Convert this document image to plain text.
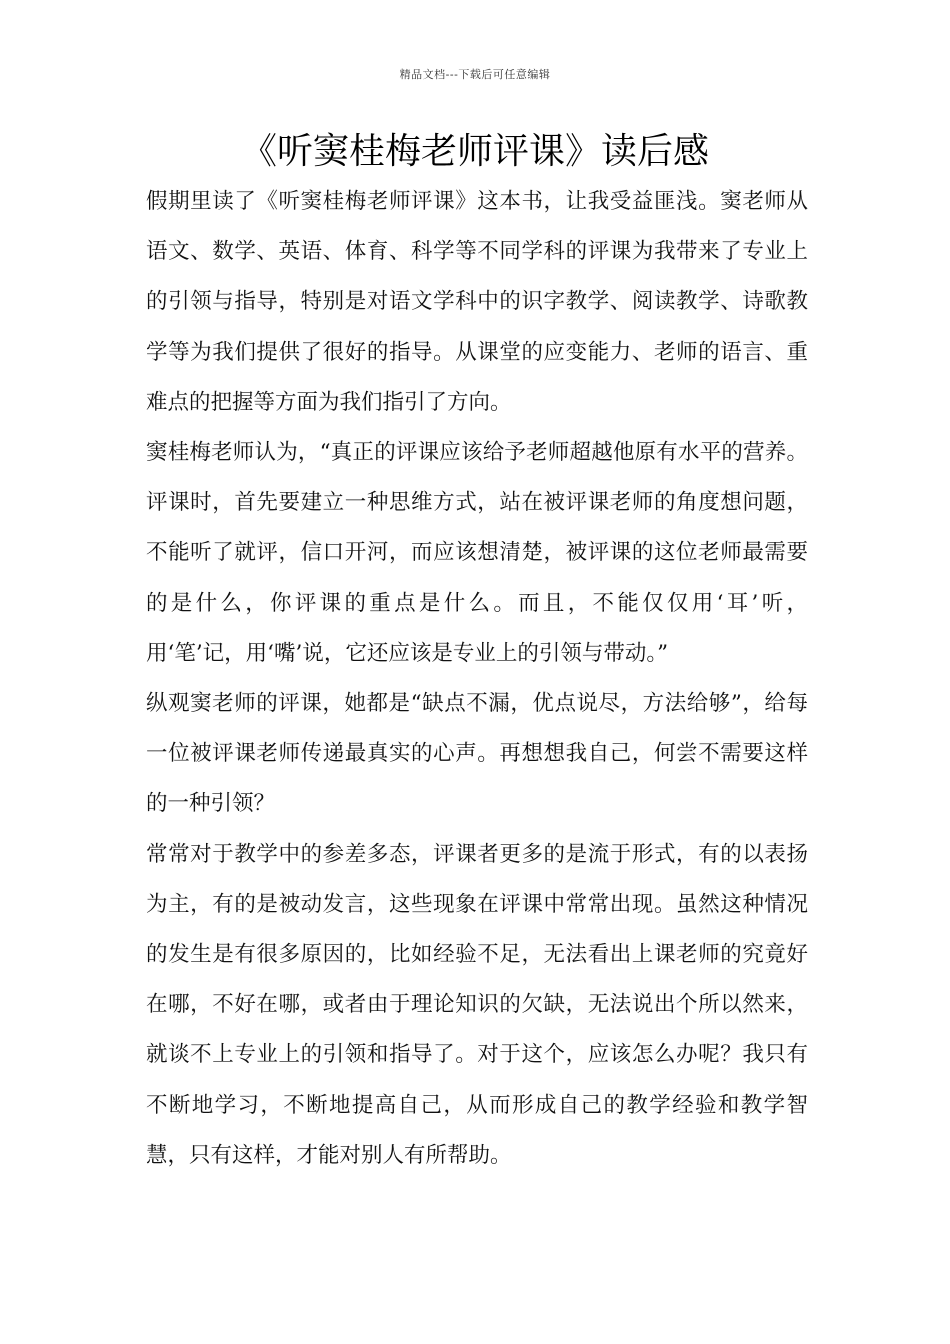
精品文档---下载后可任意编辑
《听窦桂梅老师评课》读后感

假期里读了《听窦桂梅老师评课》这本书，让我受益匪浅。窦老师从语文、数学、英语、体育、科学等不同学科的评课为我带来了专业上的引领与指导，特别是对语文学科中的识字教学、阅读教学、诗歌教学等为我们提供了很好的指导。从课堂的应变能力、老师的语言、重难点的把握等方面为我们指引了方向。

窦桂梅老师认为，“真正的评课应该给予老师超越他原有水平的营养。评课时，首先要建立一种思维方式，站在被评课老师的角度想问题，不能听了就评，信口开河，而应该想清楚，被评课的这位老师最需要的是什么，你评课的重点是什么。而且，不能仅仅用‘耳’听，用‘笔’记，用‘嘴’说，它还应该是专业上的引领与带动。”

纵观窦老师的评课，她都是“缺点不漏，优点说尽，方法给够”，给每一位被评课老师传递最真实的心声。再想想我自己，何尝不需要这样的一种引领？

常常对于教学中的参差多态，评课者更多的是流于形式，有的以表扬为主，有的是被动发言，这些现象在评课中常常出现。虽然这种情况的发生是有很多原因的，比如经验不足，无法看出上课老师的究竟好在哪，不好在哪，或者由于理论知识的欠缺，无法说出个所以然来，就谈不上专业上的引领和指导了。对于这个，应该怎么办呢？我只有不断地学习，不断地提高自己，从而形成自己的教学经验和教学智慧，只有这样，才能对别人有所帮助。
